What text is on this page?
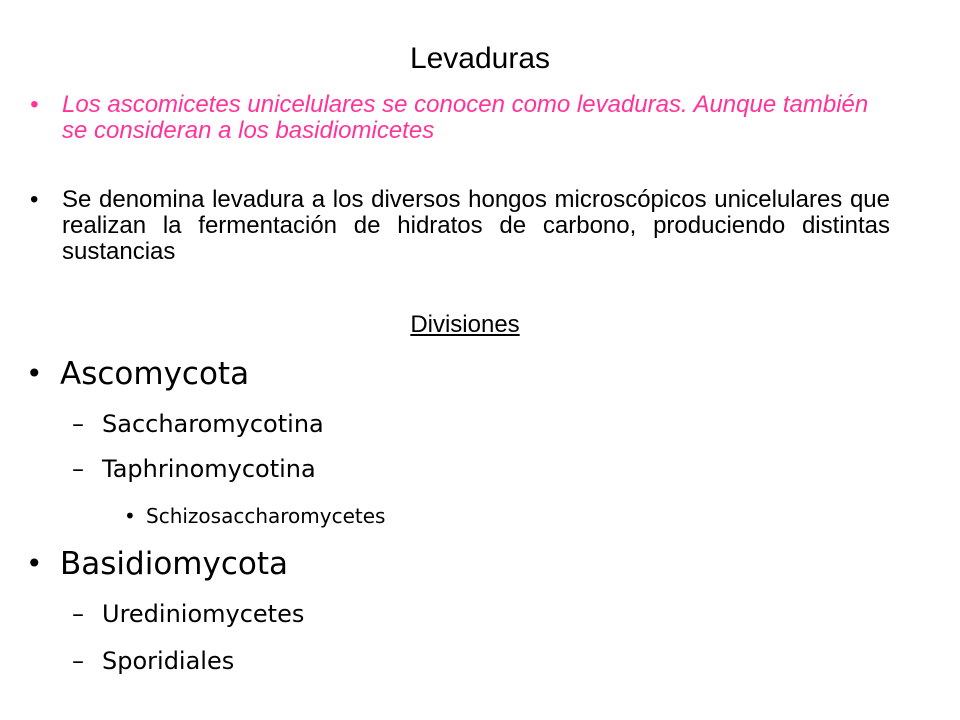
Levaduras
• Los ascomicetes unicelulares se conocen como levaduras. Aunque también se consideran a los basidiomicetes
• Se denomina levadura a los diversos hongos microscópicos unicelulares que realizan la fermentación de hidratos de carbono, produciendo distintas sustancias
Divisiones
• Ascomycota
– Saccharomycotina
– Taphrinomycotina
• Schizosaccharomycetes
• Basidiomycota
– Urediniomycetes
– Sporidiales
